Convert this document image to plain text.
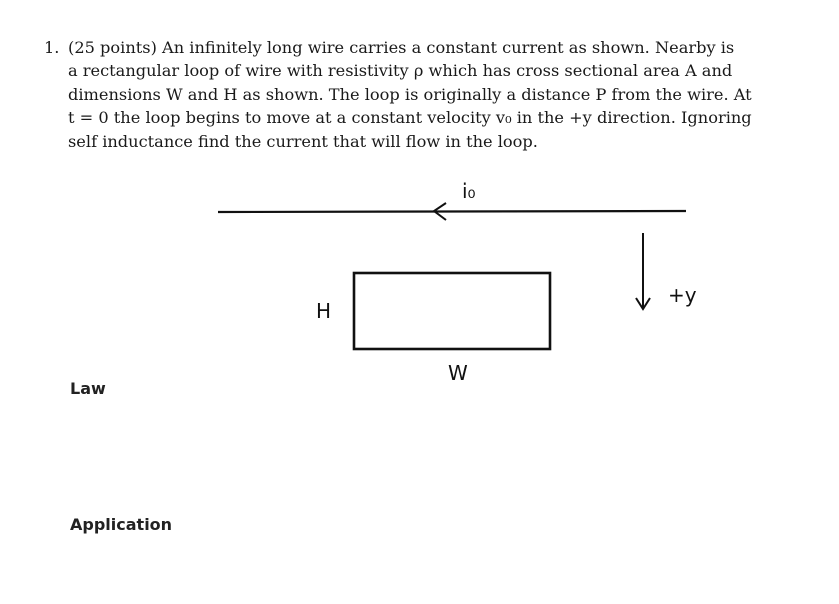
1. (25 points) An infinitely long wire carries a constant current as shown. Nearby is
a rectangular loop of wire with resistivity ρ which has cross sectional area A and
dimensions W and H as shown. The loop is originally a distance P from the wire. At
t = 0 the loop begins to move at a constant velocity v₀ in the +y direction. Ignoring
self inductance find the current that will flow in the loop.
i₀
H
W
+y
Law
Application
